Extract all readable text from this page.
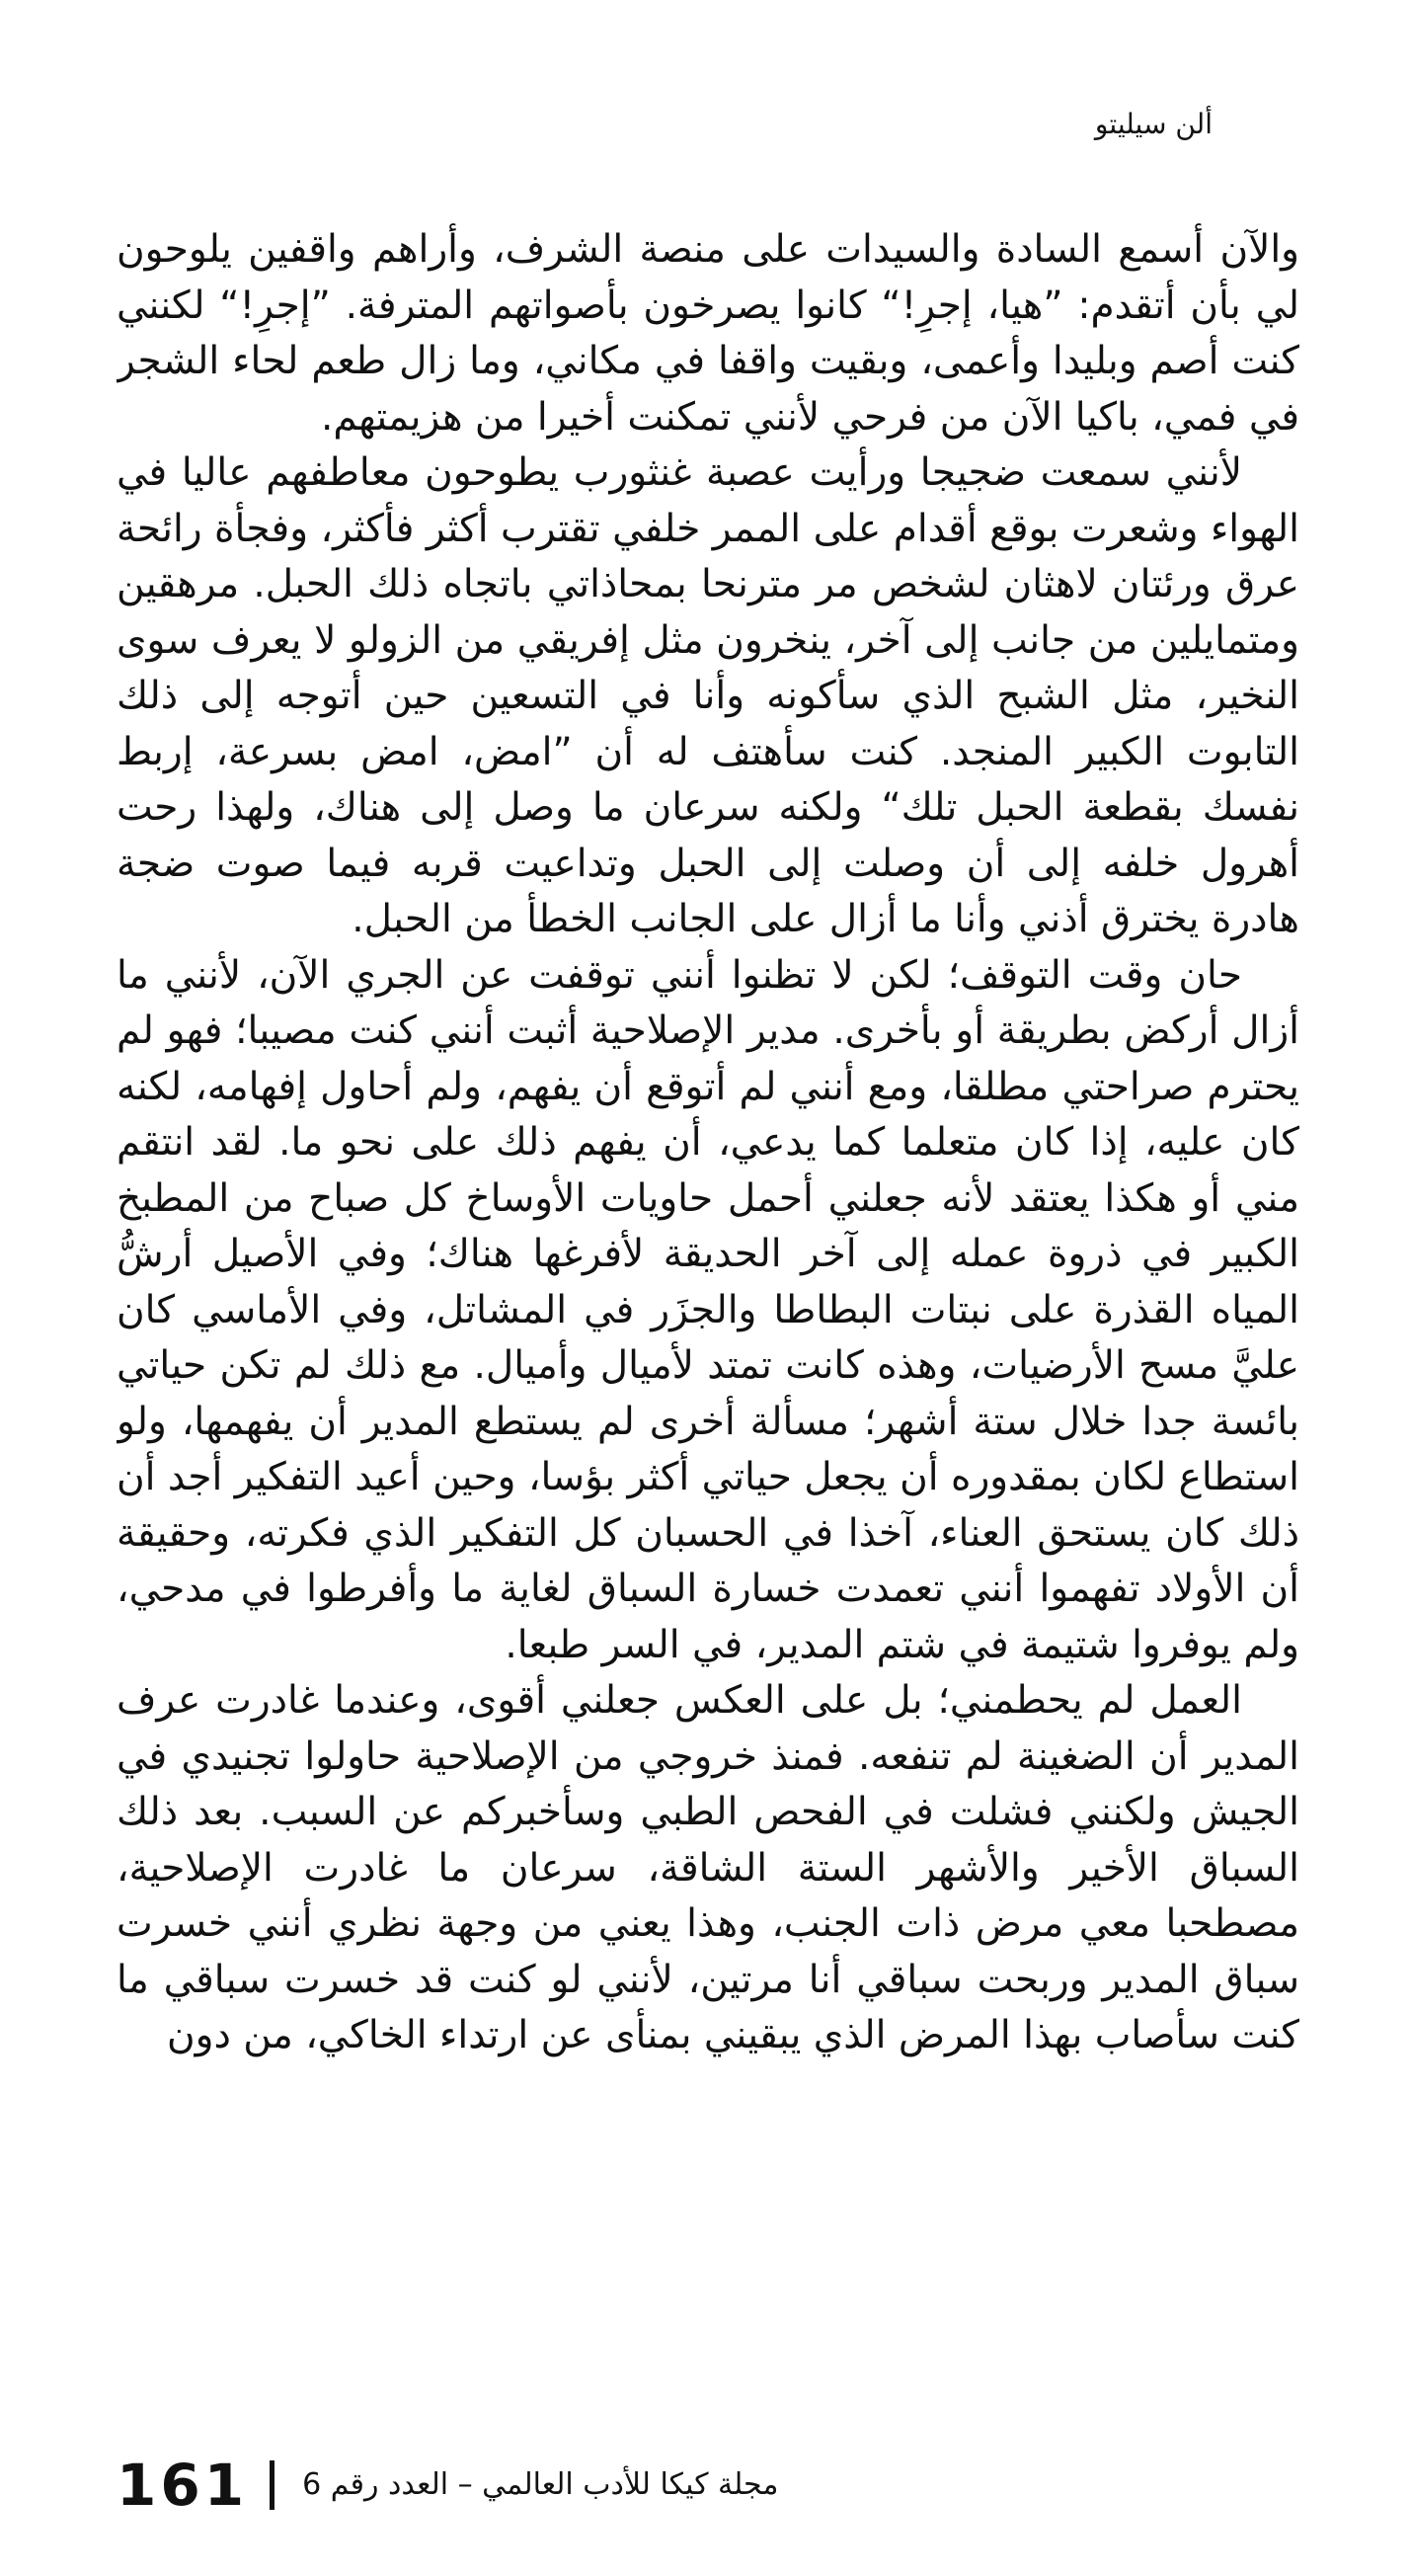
ألن سيليتو

والآن أسمع السادة والسيدات على منصة الشرف، وأراهم واقفين يلوحون لي بأن أتقدم: ”هيا، إجرِ!“ كانوا يصرخون بأصواتهم المترفة. ”إجرِ!“ لكنني كنت أصم وبليدا وأعمى، وبقيت واقفا في مكاني، وما زال طعم لحاء الشجر في فمي، باكيا الآن من فرحي لأنني تمكنت أخيرا من هزيمتهم.

لأنني سمعت ضجيجا ورأيت عصبة غنثورب يطوحون معاطفهم عاليا في الهواء وشعرت بوقع أقدام على الممر خلفي تقترب أكثر فأكثر، وفجأة رائحة عرق ورئتان لاهثان لشخص مر مترنحا بمحاذاتي باتجاه ذلك الحبل. مرهقين ومتمايلين من جانب إلى آخر، ينخرون مثل إفريقي من الزولو لا يعرف سوى النخير، مثل الشبح الذي سأكونه وأنا في التسعين حين أتوجه إلى ذلك التابوت الكبير المنجد. كنت سأهتف له أن ”امض، امض بسرعة، إربط نفسك بقطعة الحبل تلك“ ولكنه سرعان ما وصل إلى هناك، ولهذا رحت أهرول خلفه إلى أن وصلت إلى الحبل وتداعيت قربه فيما صوت ضجة هادرة يخترق أذني وأنا ما أزال على الجانب الخطأ من الحبل.

حان وقت التوقف؛ لكن لا تظنوا أنني توقفت عن الجري الآن، لأنني ما أزال أركض بطريقة أو بأخرى. مدير الإصلاحية أثبت أنني كنت مصيبا؛ فهو لم يحترم صراحتي مطلقا، ومع أنني لم أتوقع أن يفهم، ولم أحاول إفهامه، لكنه كان عليه، إذا كان متعلما كما يدعي، أن يفهم ذلك على نحو ما. لقد انتقم مني أو هكذا يعتقد لأنه جعلني أحمل حاويات الأوساخ كل صباح من المطبخ الكبير في ذروة عمله إلى آخر الحديقة لأفرغها هناك؛ وفي الأصيل أرشُّ المياه القذرة على نبتات البطاطا والجزَر في المشاتل، وفي الأماسي كان عليَّ مسح الأرضيات، وهذه كانت تمتد لأميال وأميال. مع ذلك لم تكن حياتي بائسة جدا خلال ستة أشهر؛ مسألة أخرى لم يستطع المدير أن يفهمها، ولو استطاع لكان بمقدوره أن يجعل حياتي أكثر بؤسا، وحين أعيد التفكير أجد أن ذلك كان يستحق العناء، آخذا في الحسبان كل التفكير الذي فكرته، وحقيقة أن الأولاد تفهموا أنني تعمدت خسارة السباق لغاية ما وأفرطوا في مدحي، ولم يوفروا شتيمة في شتم المدير، في السر طبعا.

العمل لم يحطمني؛ بل على العكس جعلني أقوى، وعندما غادرت عرف المدير أن الضغينة لم تنفعه. فمنذ خروجي من الإصلاحية حاولوا تجنيدي في الجيش ولكنني فشلت في الفحص الطبي وسأخبركم عن السبب. بعد ذلك السباق الأخير والأشهر الستة الشاقة، سرعان ما غادرت الإصلاحية، مصطحبا معي مرض ذات الجنب، وهذا يعني من وجهة نظري أنني خسرت سباق المدير وربحت سباقي أنا مرتين، لأنني لو كنت قد خسرت سباقي ما كنت سأصاب بهذا المرض الذي يبقيني بمنأى عن ارتداء الخاكي، من دون

161 مجلة كيكا للأدب العالمي – العدد رقم 6
